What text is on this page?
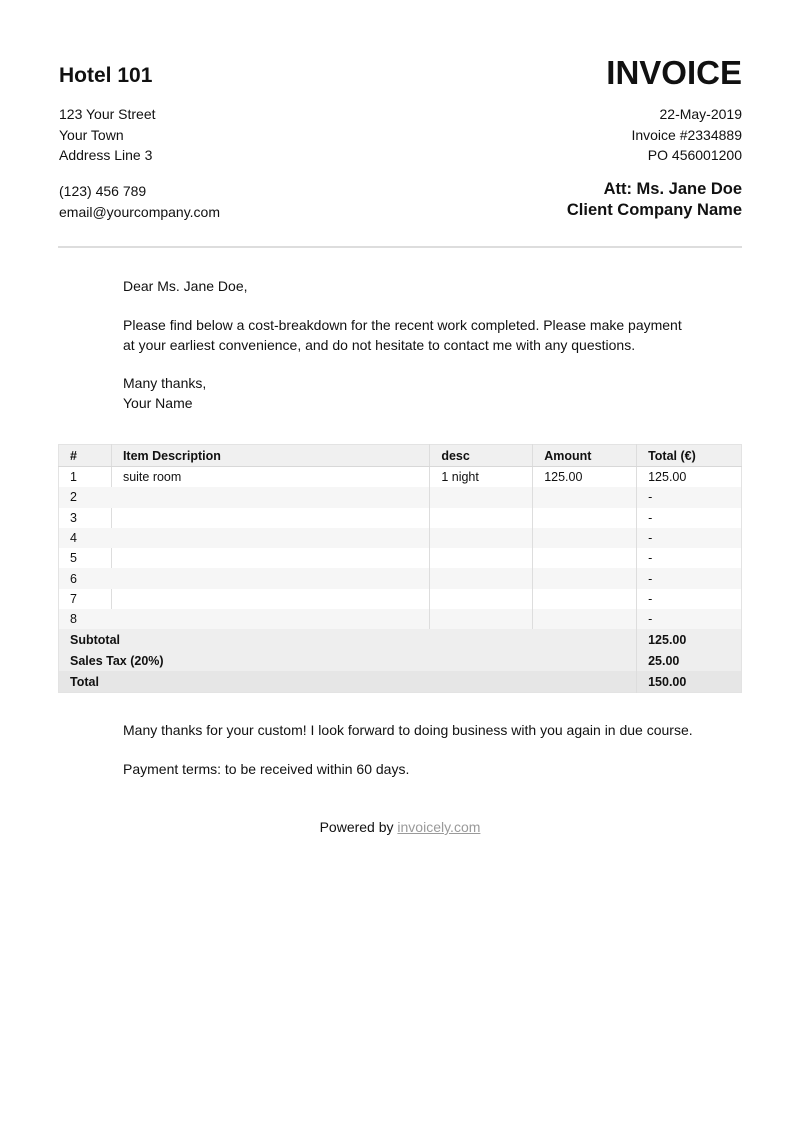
Hotel 101	INVOICE
123 Your Street
Your Town
Address Line 3
(123) 456 789
email@yourcompany.com
22-May-2019
Invoice #2334889
PO 456001200
Att: Ms. Jane Doe
Client Company Name
Dear Ms. Jane Doe,
Please find below a cost-breakdown for the recent work completed. Please make payment at your earliest convenience, and do not hesitate to contact me with any questions.
Many thanks,
Your Name
#	Item Description	desc	Amount	Total (€)
1	suite room	1 night	125.00	125.00
2				-
3				-
4				-
5				-
6				-
7				-
8				-
Subtotal				125.00
Sales Tax (20%)				25.00
Total				150.00
Many thanks for your custom! I look forward to doing business with you again in due course.
Payment terms: to be received within 60 days.
Powered by invoicely.com
